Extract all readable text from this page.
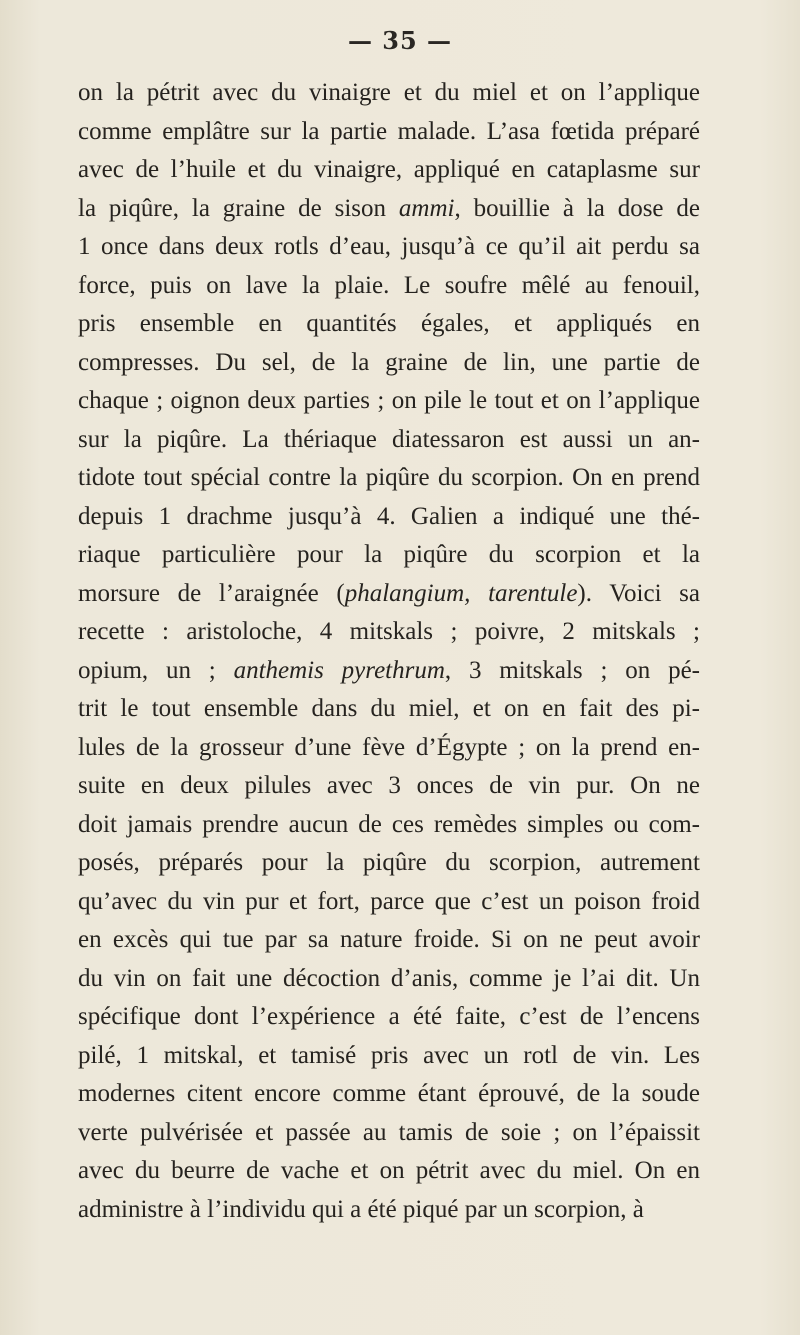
— 35 —
on la pétrit avec du vinaigre et du miel et on l’applique
comme emplâtre sur la partie malade. L’asa fœtida préparé
avec de l’huile et du vinaigre, appliqué en cataplasme sur
la piqûre, la graine de sison ammi, bouillie à la dose de
1 once dans deux rotls d’eau, jusqu’à ce qu’il ait perdu sa
force, puis on lave la plaie. Le soufre mêlé au fenouil,
pris ensemble en quantités égales, et appliqués en
compresses. Du sel, de la graine de lin, une partie de
chaque ; oignon deux parties ; on pile le tout et on l’applique
sur la piqûre. La thériaque diatessaron est aussi un an-
tidote tout spécial contre la piqûre du scorpion. On en prend
depuis 1 drachme jusqu’à 4. Galien a indiqué une thé-
riaque particulière pour la piqûre du scorpion et la
morsure de l’araignée (phalangium, tarentule). Voici sa
recette : aristoloche, 4 mitskals ; poivre, 2 mitskals ;
opium, un ; anthemis pyrethrum, 3 mitskals ; on pé-
trit le tout ensemble dans du miel, et on en fait des pi-
lules de la grosseur d’une fève d’Égypte ; on la prend en-
suite en deux pilules avec 3 onces de vin pur. On ne
doit jamais prendre aucun de ces remèdes simples ou com-
posés, préparés pour la piqûre du scorpion, autrement
qu’avec du vin pur et fort, parce que c’est un poison froid
en excès qui tue par sa nature froide. Si on ne peut avoir
du vin on fait une décoction d’anis, comme je l’ai dit. Un
spécifique dont l’expérience a été faite, c’est de l’encens
pilé, 1 mitskal, et tamisé pris avec un rotl de vin. Les
modernes citent encore comme étant éprouvé, de la soude
verte pulvérisée et passée au tamis de soie ; on l’épaissit
avec du beurre de vache et on pétrit avec du miel. On en
administre à l’individu qui a été piqué par un scorpion, à
